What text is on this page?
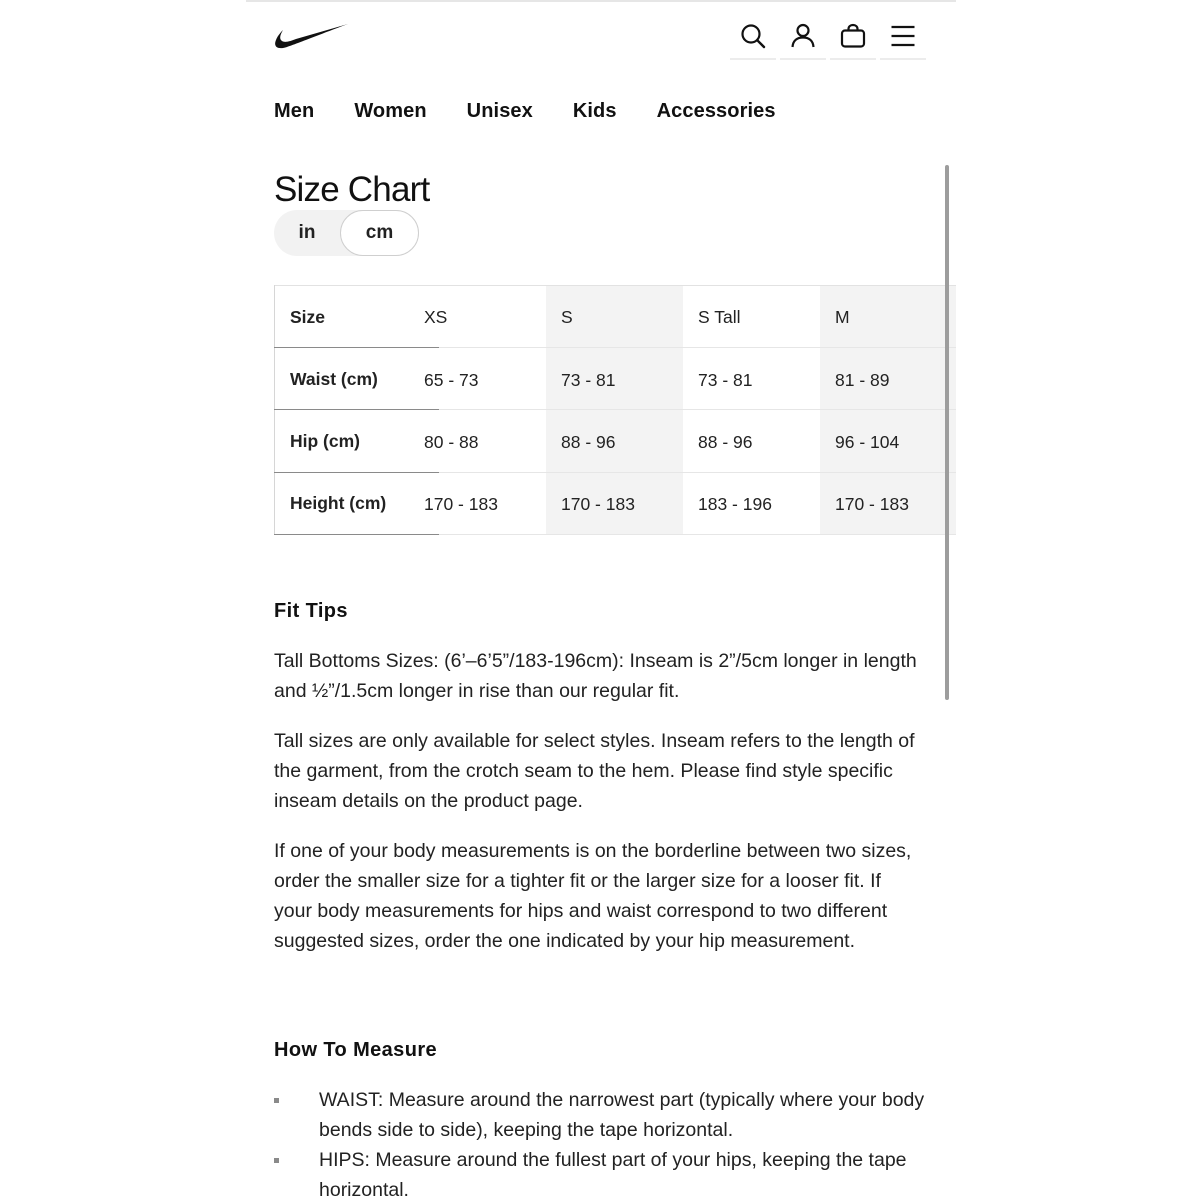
Men Women Unisex Kids Accessories
Size Chart
in	cm
Size	XS	S	S Tall	M
Waist (cm)	65 - 73	73 - 81	73 - 81	81 - 89
Hip (cm)	80 - 88	88 - 96	88 - 96	96 - 104
Height (cm) 170 - 183	170 - 183	183 - 196	170 - 183
Fit Tips

Tall Bottoms Sizes: (6’–6’5”/183-196cm): Inseam is 2”/5cm longer in length and ½”/1.5cm longer in rise than our regular fit.

Tall sizes are only available for select styles. Inseam refers to the length of the garment, from the crotch seam to the hem. Please find style specific inseam details on the product page.

If one of your body measurements is on the borderline between two sizes, order the smaller size for a tighter fit or the larger size for a looser fit. If your body measurements for hips and waist correspond to two different suggested sizes, order the one indicated by your hip measurement.

How To Measure

WAIST: Measure around the narrowest part (typically where your body bends side to side), keeping the tape horizontal.

HIPS: Measure around the fullest part of your hips, keeping the tape horizontal.
